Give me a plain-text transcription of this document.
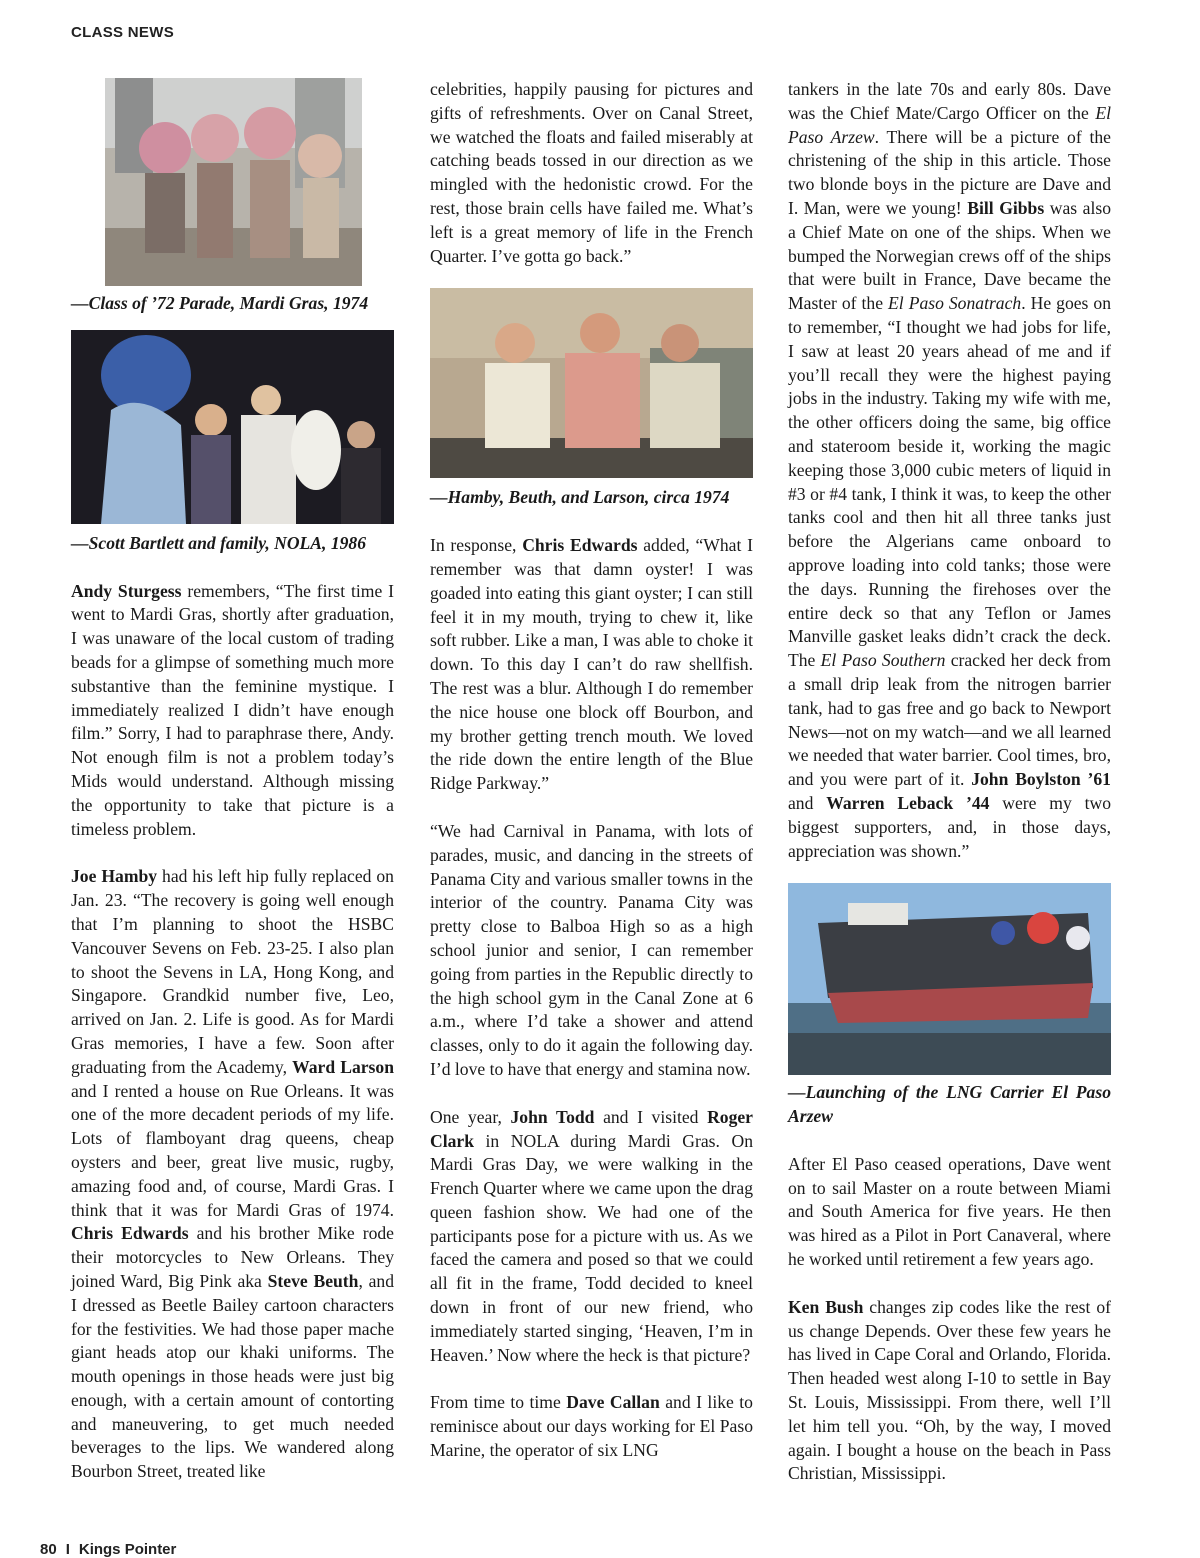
CLASS NEWS

—Class of ’72 Parade, Mardi Gras, 1974

—Scott Bartlett and family, NOLA, 1986

Andy Sturgess remembers, “The first time I went to Mardi Gras, shortly after graduation, I was unaware of the local custom of trading beads for a glimpse of something much more substantive than the feminine mystique. I immediately realized I didn’t have enough film.” Sorry, I had to paraphrase there, Andy. Not enough film is not a problem today’s Mids would understand. Although missing the opportunity to take that picture is a timeless problem.

Joe Hamby had his left hip fully replaced on Jan. 23. “The recovery is going well enough that I’m planning to shoot the HSBC Vancouver Sevens on Feb. 23-25. I also plan to shoot the Sevens in LA, Hong Kong, and Singapore. Grandkid number five, Leo, arrived on Jan. 2. Life is good. As for Mardi Gras memories, I have a few. Soon after graduating from the Academy, Ward Larson and I rented a house on Rue Orleans. It was one of the more decadent periods of my life. Lots of flamboyant drag queens, cheap oysters and beer, great live music, rugby, amazing food and, of course, Mardi Gras. I think that it was for Mardi Gras of 1974. Chris Edwards and his brother Mike rode their motorcycles to New Orleans. They joined Ward, Big Pink aka Steve Beuth, and I dressed as Beetle Bailey cartoon characters for the festivities. We had those paper mache giant heads atop our khaki uniforms. The mouth openings in those heads were just big enough, with a certain amount of contorting and maneuvering, to get much needed beverages to the lips. We wandered along Bourbon Street, treated like

celebrities, happily pausing for pictures and gifts of refreshments. Over on Canal Street, we watched the floats and failed miserably at catching beads tossed in our direction as we mingled with the hedonistic crowd. For the rest, those brain cells have failed me. What’s left is a great memory of life in the French Quarter. I’ve gotta go back.”

—Hamby, Beuth, and Larson, circa 1974

In response, Chris Edwards added, “What I remember was that damn oyster! I was goaded into eating this giant oyster; I can still feel it in my mouth, trying to chew it, like soft rubber. Like a man, I was able to choke it down. To this day I can’t do raw shellfish. The rest was a blur. Although I do remember the nice house one block off Bourbon, and my brother getting trench mouth. We loved the ride down the entire length of the Blue Ridge Parkway.”

“We had Carnival in Panama, with lots of parades, music, and dancing in the streets of Panama City and various smaller towns in the interior of the country. Panama City was pretty close to Balboa High so as a high school junior and senior, I can remember going from parties in the Republic directly to the high school gym in the Canal Zone at 6 a.m., where I’d take a shower and attend classes, only to do it again the following day. I’d love to have that energy and stamina now.

One year, John Todd and I visited Roger Clark in NOLA during Mardi Gras. On Mardi Gras Day, we were walking in the French Quarter where we came upon the drag queen fashion show. We had one of the participants pose for a picture with us. As we faced the camera and posed so that we could all fit in the frame, Todd decided to kneel down in front of our new friend, who immediately started singing, ‘Heaven, I’m in Heaven.’ Now where the heck is that picture?

From time to time Dave Callan and I like to reminisce about our days working for El Paso Marine, the operator of six LNG

tankers in the late 70s and early 80s. Dave was the Chief Mate/Cargo Officer on the El Paso Arzew. There will be a picture of the christening of the ship in this article. Those two blonde boys in the picture are Dave and I. Man, were we young! Bill Gibbs was also a Chief Mate on one of the ships. When we bumped the Norwegian crews off of the ships that were built in France, Dave became the Master of the El Paso Sonatrach. He goes on to remember, “I thought we had jobs for life, I saw at least 20 years ahead of me and if you’ll recall they were the highest paying jobs in the industry. Taking my wife with me, the other officers doing the same, big office and stateroom beside it, working the magic keeping those 3,000 cubic meters of liquid in #3 or #4 tank, I think it was, to keep the other tanks cool and then hit all three tanks just before the Algerians came onboard to approve loading into cold tanks; those were the days. Running the firehoses over the entire deck so that any Teflon or James Manville gasket leaks didn’t crack the deck. The El Paso Southern cracked her deck from a small drip leak from the nitrogen barrier tank, had to gas free and go back to Newport News—not on my watch—and we all learned we needed that water barrier. Cool times, bro, and you were part of it. John Boylston ’61 and Warren Leback ’44 were my two biggest supporters, and, in those days, appreciation was shown.”

—Launching of the LNG Carrier El Paso Arzew

After El Paso ceased operations, Dave went on to sail Master on a route between Miami and South America for five years. He then was hired as a Pilot in Port Canaveral, where he worked until retirement a few years ago.

Ken Bush changes zip codes like the rest of us change Depends. Over these few years he has lived in Cape Coral and Orlando, Florida. Then headed west along I-10 to settle in Bay St. Louis, Mississippi. From there, well I’ll let him tell you. “Oh, by the way, I moved again. I bought a house on the beach in Pass Christian, Mississippi.

80 I Kings Pointer
